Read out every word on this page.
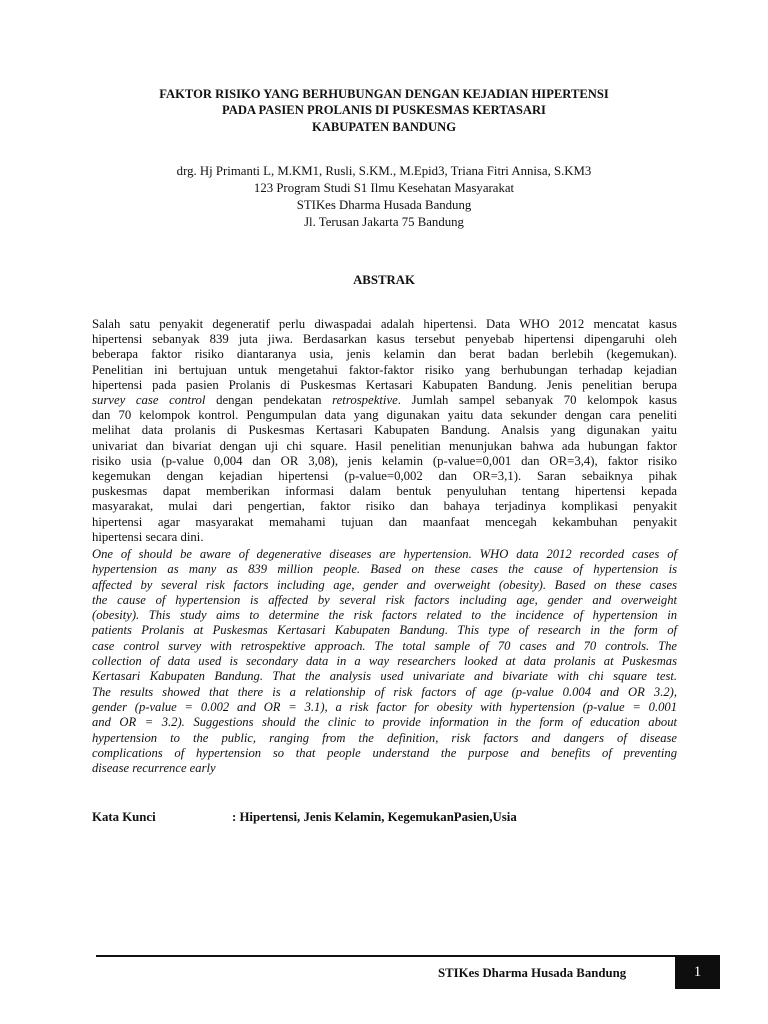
FAKTOR RISIKO YANG BERHUBUNGAN DENGAN KEJADIAN HIPERTENSI
PADA PASIEN PROLANIS DI PUSKESMAS KERTASARI
KABUPATEN BANDUNG
drg. Hj Primanti L, M.KM1, Rusli, S.KM., M.Epid3, Triana Fitri Annisa, S.KM3
123 Program Studi S1 Ilmu Kesehatan Masyarakat
STIKes Dharma Husada Bandung
Jl. Terusan Jakarta 75 Bandung
ABSTRAK
Salah satu penyakit degeneratif perlu diwaspadai adalah hipertensi. Data WHO 2012 mencatat kasus
hipertensi sebanyak 839 juta jiwa. Berdasarkan kasus tersebut penyebab hipertensi dipengaruhi oleh
beberapa faktor risiko diantaranya usia, jenis kelamin dan berat badan berlebih (kegemukan).
Penelitian ini bertujuan untuk mengetahui faktor-faktor risiko yang berhubungan terhadap kejadian
hipertensi pada pasien Prolanis di Puskesmas Kertasari Kabupaten Bandung. Jenis penelitian berupa
survey case control dengan pendekatan retrospektive. Jumlah sampel sebanyak 70 kelompok kasus
dan 70 kelompok kontrol. Pengumpulan data yang digunakan yaitu data sekunder dengan cara peneliti
melihat data prolanis di Puskesmas Kertasari Kabupaten Bandung. Analsis yang digunakan yaitu
univariat dan bivariat dengan uji chi square. Hasil penelitian menunjukan bahwa ada hubungan faktor
risiko usia (p-value 0,004 dan OR 3,08), jenis kelamin (p-value=0,001 dan OR=3,4), faktor risiko
kegemukan dengan kejadian hipertensi (p-value=0,002 dan OR=3,1). Saran sebaiknya pihak
puskesmas dapat memberikan informasi dalam bentuk penyuluhan tentang hipertensi kepada
masyarakat, mulai dari pengertian, faktor risiko dan bahaya terjadinya komplikasi penyakit
hipertensi agar masyarakat memahami tujuan dan maanfaat mencegah kekambuhan penyakit
hipertensi secara dini.
One of should be aware of degenerative diseases are hypertension. WHO data 2012 recorded cases of
hypertension as many as 839 million people. Based on these cases the cause of hypertension is
affected by several risk factors including age, gender and overweight (obesity). Based on these cases
the cause of hypertension is affected by several risk factors including age, gender and overweight
(obesity). This study aims to determine the risk factors related to the incidence of hypertension in
patients Prolanis at Puskesmas Kertasari Kabupaten Bandung. This type of research in the form of
case control survey with retrospektive approach. The total sample of 70 cases and 70 controls. The
collection of data used is secondary data in a way researchers looked at data prolanis at Puskesmas
Kertasari Kabupaten Bandung. That the analysis used univariate and bivariate with chi square test.
The results showed that there is a relationship of risk factors of age (p-value 0.004 and OR 3.2),
gender (p-value = 0.002 and OR = 3.1), a risk factor for obesity with hypertension (p-value = 0.001
and OR = 3.2). Suggestions should the clinic to provide information in the form of education about
hypertension to the public, ranging from the definition, risk factors and dangers of disease
complications of hypertension so that people understand the purpose and benefits of preventing
disease recurrence early
Kata Kunci	: Hipertensi, Jenis Kelamin, KegemukanPasien,Usia
STIKes Dharma Husada Bandung	1
